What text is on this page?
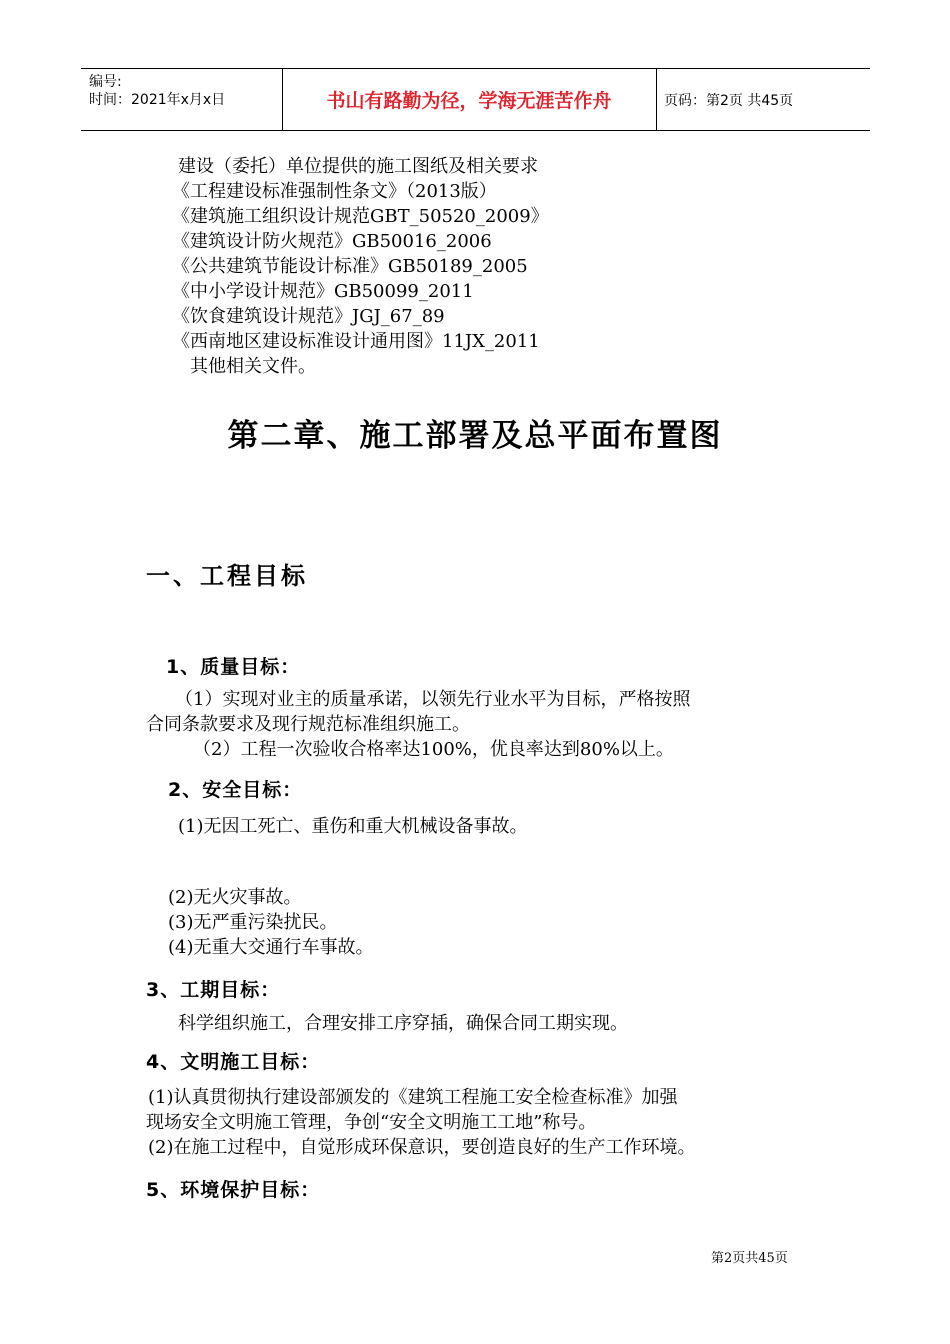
编号:
时间：2021年x月x日	书山有路勤为径，学海无涯苦作舟	页码：第2页 共45页
建设（委托）单位提供的施工图纸及相关要求
《工程建设标准强制性条文》（2013版）
《建筑施工组织设计规范GBT_50520_2009》
《建筑设计防火规范》GB50016_2006
《公共建筑节能设计标准》GB50189_2005
《中小学设计规范》GB50099_2011
《饮食建筑设计规范》JGJ_67_89
《西南地区建设标准设计通用图》11JX_2011
其他相关文件。
第二章、施工部署及总平面布置图
一、工程目标
1、质量目标：
（1）实现对业主的质量承诺，以领先行业水平为目标，严格按照
合同条款要求及现行规范标准组织施工。
（2）工程一次验收合格率达100%，优良率达到80%以上。
2、安全目标：
(1)无因工死亡、重伤和重大机械设备事故。
(2)无火灾事故。
(3)无严重污染扰民。
(4)无重大交通行车事故。
3、工期目标：
科学组织施工，合理安排工序穿插，确保合同工期实现。
4、文明施工目标：
(1)认真贯彻执行建设部颁发的《建筑工程施工安全检查标准》加强
现场安全文明施工管理，争创“安全文明施工工地”称号。
(2)在施工过程中，自觉形成环保意识，要创造良好的生产工作环境。
5、环境保护目标：
第2页共45页
